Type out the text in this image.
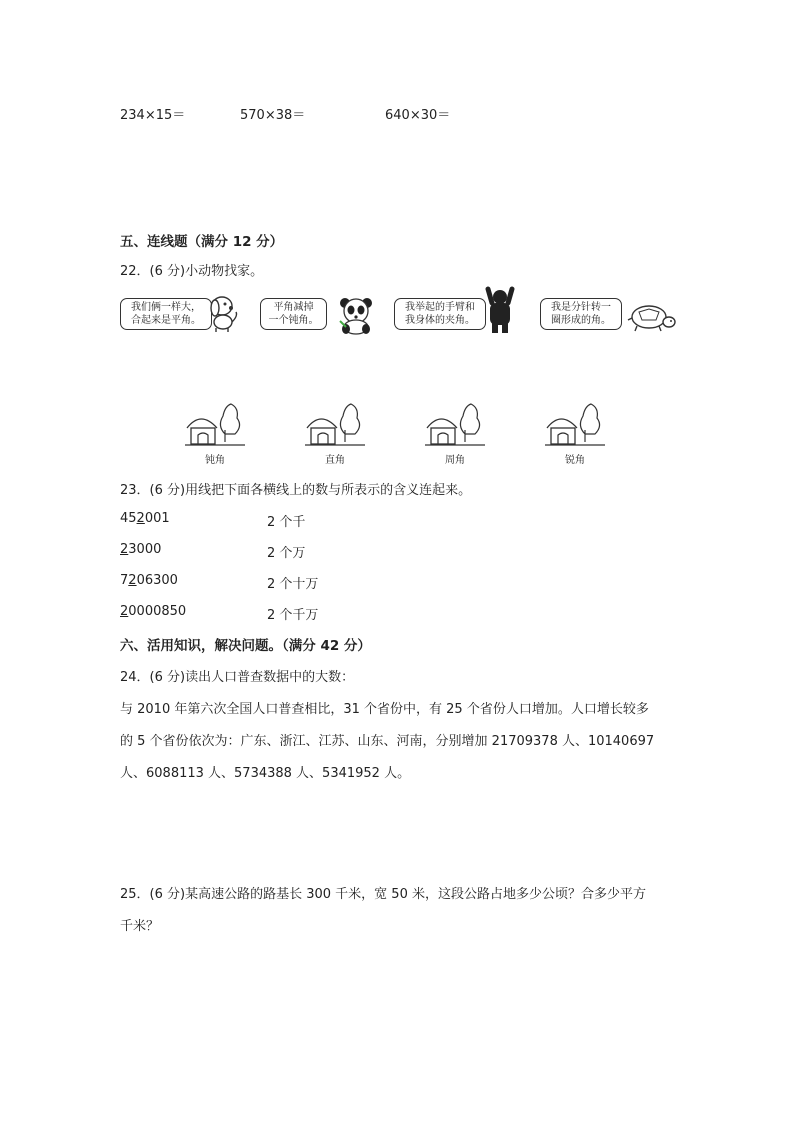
234×15＝	570×38＝	640×30＝
五、连线题（满分 12 分）
22．(6 分)小动物找家。
我们俩一样大，
合起来是平角。
平角减掉
一个钝角。
我举起的手臂和
我身体的夹角。
我是分针转一
圈形成的角。
钝角	直角	周角	锐角
23．(6 分)用线把下面各横线上的数与所表示的含义连起来。
452001	2 个千
23000	2 个万
7206300	2 个十万
20000850	2 个千万
六、活用知识，解决问题。（满分 42 分）
24．(6 分)读出人口普查数据中的大数：
与 2010 年第六次全国人口普查相比，31 个省份中，有 25 个省份人口增加。人口增长较多
的 5 个省份依次为：广东、浙江、江苏、山东、河南，分别增加 21709378 人、10140697
人、6088113 人、5734388 人、5341952 人。
25．(6 分)某高速公路的路基长 300 千米，宽 50 米，这段公路占地多少公顷？合多少平方
千米？
